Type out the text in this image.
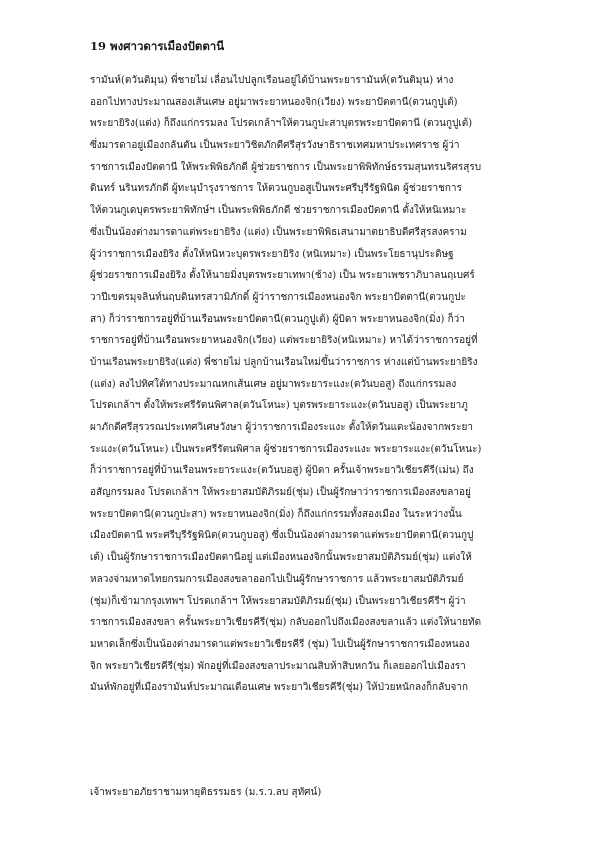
19 พงศาวดารเมืองปัตตานี
รามันห์(ตวันติมุน) พี่ชายไม่ เลื่อนไปปลูกเรือนอยู่ได้บ้านพระยารามันห์(ตวันติมุน) ห่าง
ออกไปทางประมาณสองเส้นเศษ อยู่มาพระยาหนองจิก(เวียง) พระยาปัตตานี(ตวนกูปูเต้)
พระยายิริง(แต่ง) ก็ถึงแก่กรรมลง โปรดเกล้าฯให้ตวนกูปะสาบุตรพระยาปัตตานี (ตวนกูปูเต้)
ซึ่งมารดาอยู่เมืองกลันตัน เป็นพระยาวิชิตภักดีศรีสุรวังษาธิราชเทศมหาประเทศราช ผู้ว่า
ราชการเมืองปัตตานี ให้พระพิพิธภักดี ผู้ช่วยราชการ เป็นพระยาพิพิทักษ์ธรรมสุนทรนริศรสุรบ
ดินทร์ นรินทรภักดี ผู้ทะนุบำรุงราชการ ให้ตวนกูบอสูเป็นพระศรีบุรีรัฐพินิต ผู้ช่วยราชการ
ให้ตวนกูเดบุตรพระยาพิทักษ์ฯ เป็นพระพิพิธภักดี ช่วยราชการเมืองปัตตานี ตั้งให้หนิเหมาะ
ซึ่งเป็นน้องต่างมารดาแต่พระยายิริง (แต่ง) เป็นพระยาพิพิธเสนามาตยาธิบดีศรีสุรสงคราม
ผู้ว่าราชการเมืองยิริง ตั้งให้หนิหวะบุตรพระยายิริง (หนิเหมาะ) เป็นพระโยธานุประดิษฐ
ผู้ช่วยราชการเมืองยิริง ตั้งให้นายมิ่งบุตรพระยาเทพา(ช้าง) เป็น พระยาเพชราภิบาลนฤเบศร์
วาปีเขตรมุจลินท์นฤบดินทรสวามิภักดิ์ ผู้ว่าราชการเมืองหนองจิก พระยาปัตตานี(ตวนกูปะ
สา) ก็ว่าราชการอยู่ที่บ้านเรือนพระยาปัตตานี(ตวนกูปูเต้) ผู้บิดา พระยาหนองจิก(มิ่ง) ก็ว่า
ราชการอยู่ที่บ้านเรือนพระยาหนองจิก(เวียง) แต่พระยายิริง(หนิเหมาะ) หาได้ว่าราชการอยู่ที่
บ้านเรือนพระยายิริง(แต่ง) พี่ชายไม่ ปลูกบ้านเรือนใหม่ขึ้นว่าราชการ ห่างแต่บ้านพระยายิริง
(แต่ง) ลงไปทิศใต้ทางประมาณหกเส้นเศษ อยู่มาพระยาระแงะ(ตวันบอสู) ถึงแก่กรรมลง
โปรดเกล้าฯ ตั้งให้พระศรีรัตนพิศาล(ตวันโหนะ) บุตรพระยาระแงะ(ตวันบอสู) เป็นพระยาภู
ผาภักดีศรีสุรวรณประเทศวิเศษวังษา ผู้ว่าราชการเมืองระแงะ ตั้งให้ตวันแดะน้องจากพระยา
ระแงะ(ตวันโหนะ) เป็นพระศรีรัตนพิศาล ผู้ช่วยราชการเมืองระแงะ พระยาระแงะ(ตวันโหนะ)
ก็ว่าราชการอยู่ที่บ้านเรือนพระยาระแงะ(ตวันบอสู) ผู้บิดา ครั้นเจ้าพระยาวิเชียรคีรี(เม่น) ถึง
อสัญกรรมลง โปรดเกล้าฯ ให้พระยาสมบัติภิรมย์(ชุ่ม) เป็นผู้รักษาว่าราชการเมืองสงขลาอยู่
พระยาปัตตานี(ตวนกูปะสา) พระยาหนองจิก(มิ่ง) ก็ถึงแก่กรรมทั้งสองเมือง ในระหว่างนั้น
เมืองปัตตานี พระศรีบุรีรัฐพินิต(ตวนกูบอสู) ซึ่งเป็นน้องต่างมารดาแต่พระยาปัตตานี(ตวนกูปู
เต้) เป็นผู้รักษาราชการเมืองปัตตานีอยู่ แต่เมืองหนองจิกนั้นพระยาสมบัติภิรมย์(ชุ่ม) แต่งให้
หลวงจ่ามหาดไทยกรมการเมืองสงขลาออกไปเป็นผู้รักษาราชการ แล้วพระยาสมบัติภิรมย์
(ชุ่ม)ก็เข้ามากรุงเทพฯ โปรดเกล้าฯ ให้พระยาสมบัติภิรมย์(ชุ่ม) เป็นพระยาวิเชียรคีรีฯ ผู้ว่า
ราชการเมืองสงขลา ครั้นพระยาวิเชียรคีรี(ชุ่ม) กลับออกไปถึงเมืองสงขลาแล้ว แต่งให้นายทัด
มหาดเล็กซึ่งเป็นน้องต่างมารดาแต่พระยาวิเชียรคีรี (ชุ่ม) ไปเป็นผู้รักษาราชการเมืองหนอง
จิก พระยาวิเชียรคีรี(ชุ่ม) พักอยู่ที่เมืองสงขลาประมาณสิบห้าสิบหกวัน ก็เลยออกไปเมืองรา
มันห์พักอยู่ที่เมืองรามันห์ประมาณเดือนเศษ พระยาวิเชียรคีรี(ชุ่ม) ให้ป่วยหนักลงก็กลับจาก
เจ้าพระยาอภัยราชามหายุติธรรมธร (ม.ร.ว.ลบ สุทัศน์)
